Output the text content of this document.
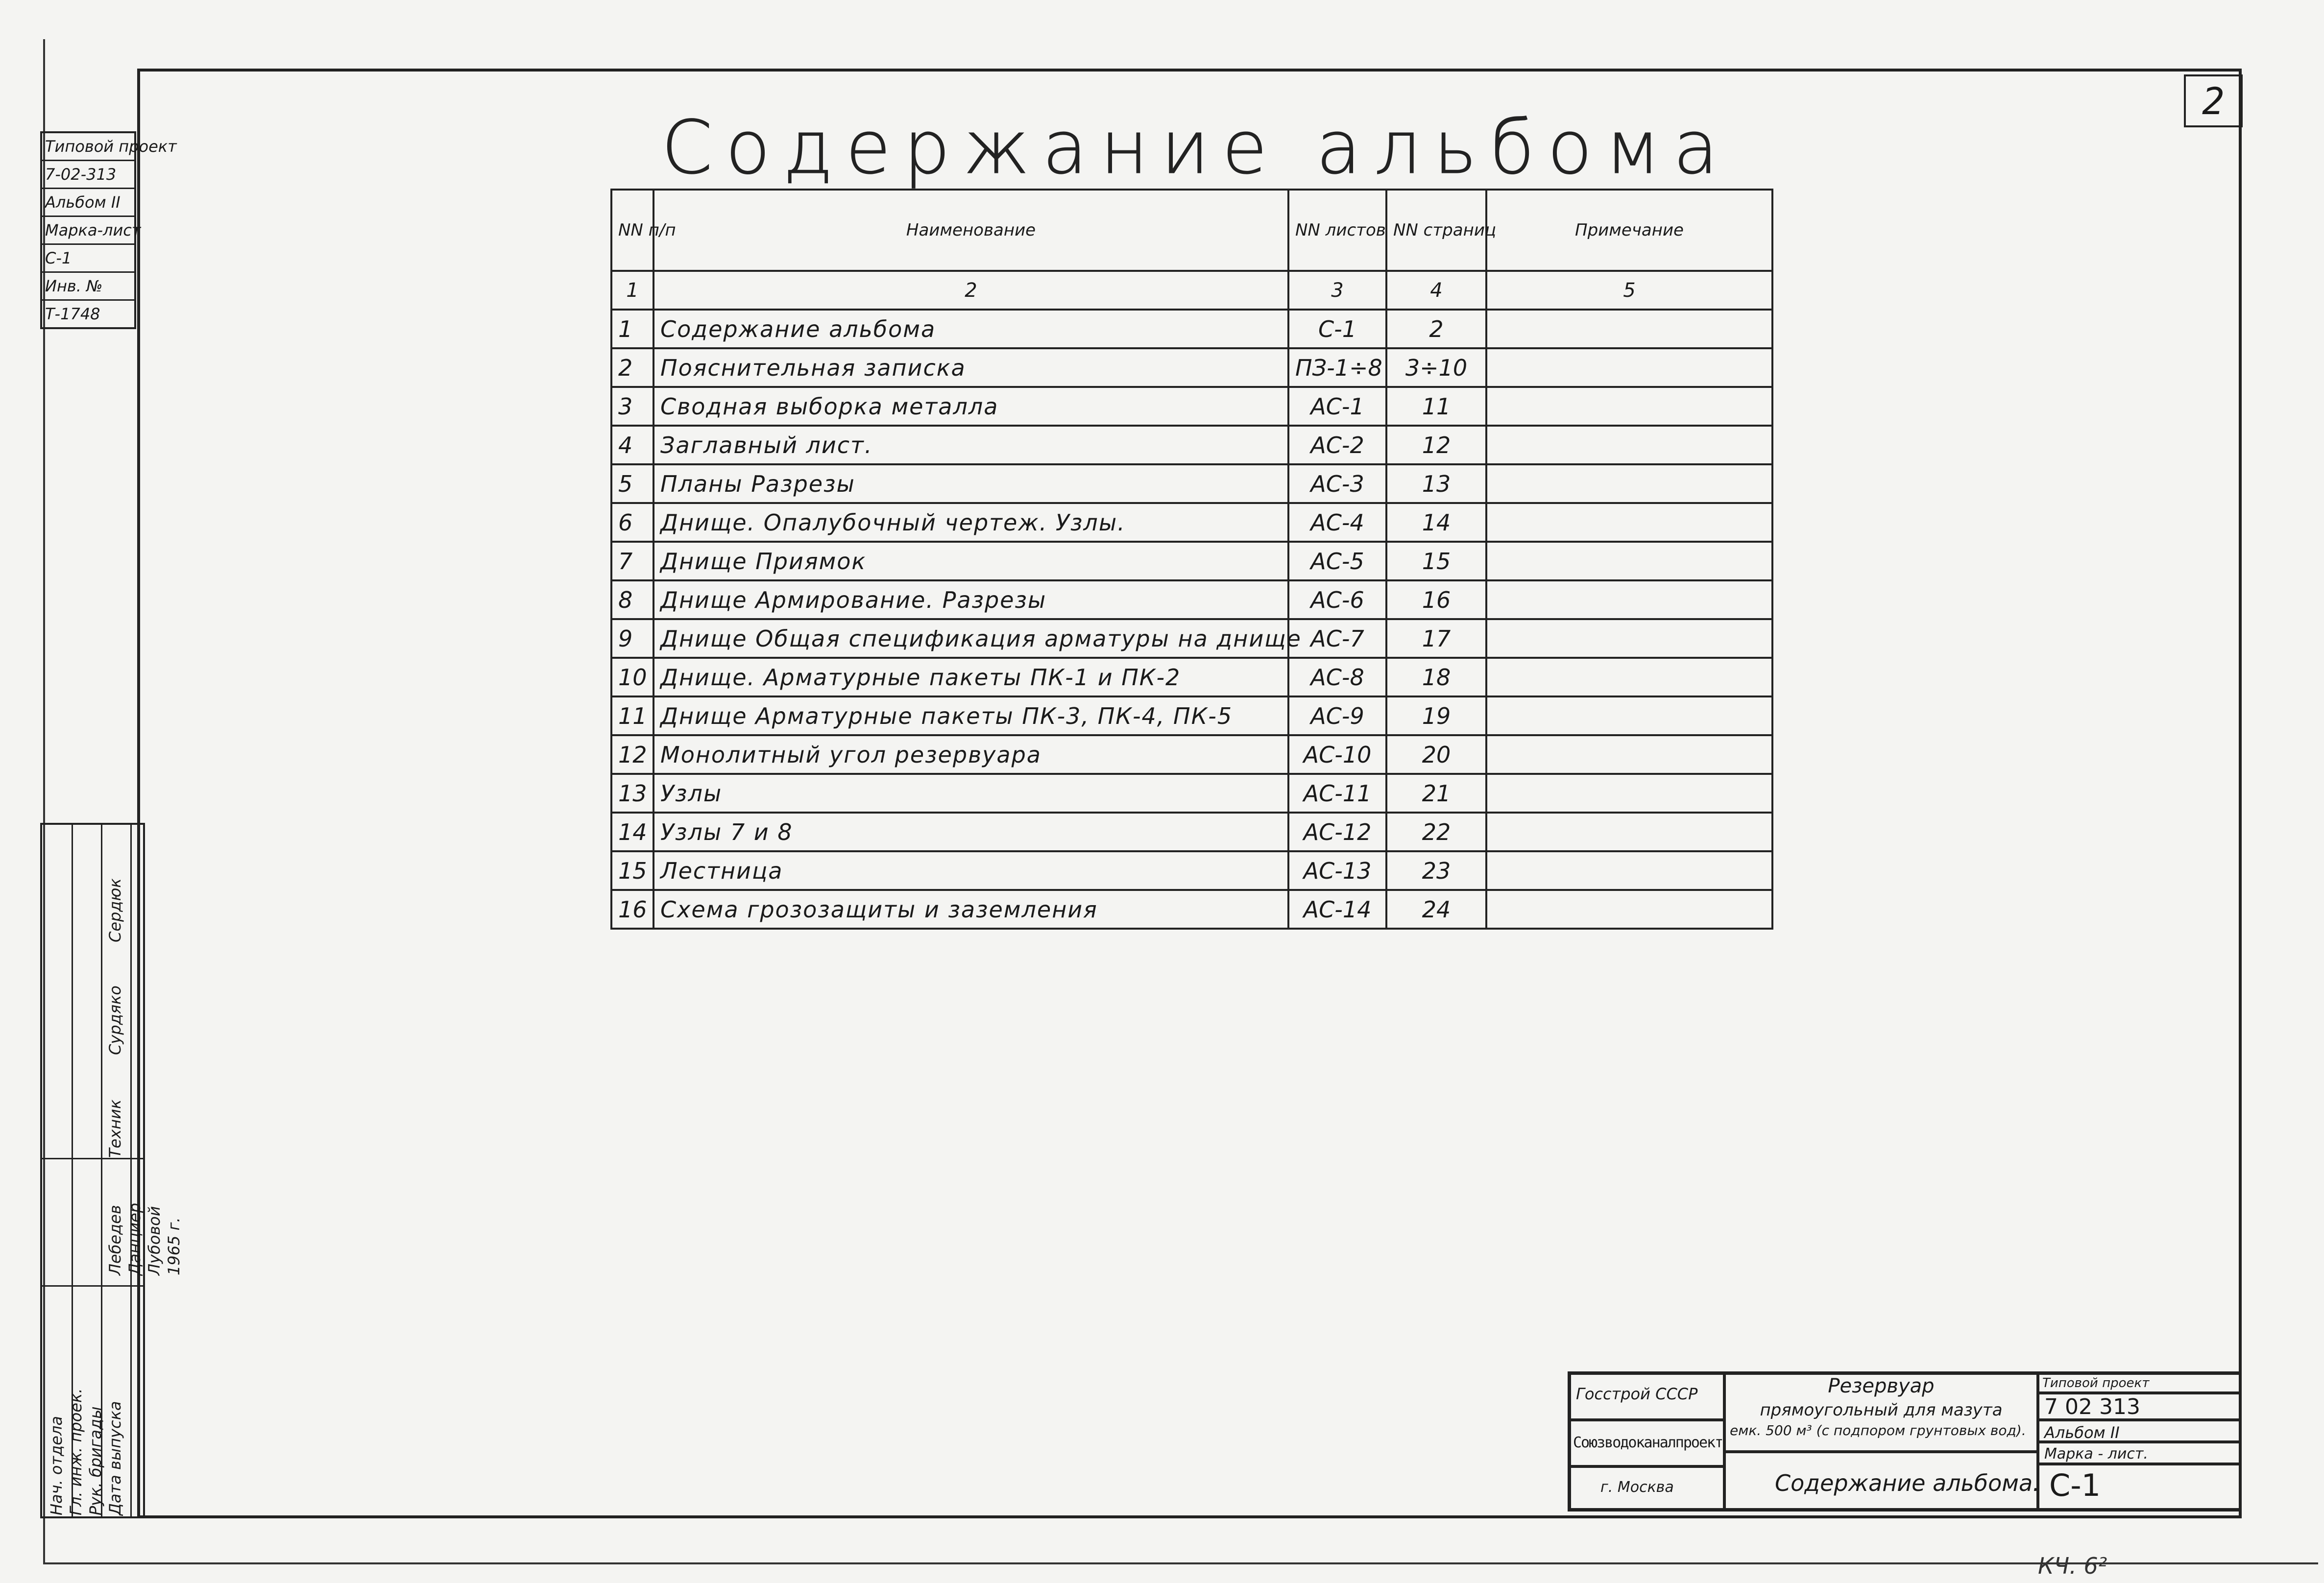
2
Содержание альбома
Типовой проект
7-02-313
Альбом II
Марка-лист
С-1
Инв. №
Т-1748
NN п/п	Наименование	NN листов	NN страниц	Примечание
1	2	3	4	5
1	Содержание альбома	С-1	2	
2	Пояснительная записка	ПЗ-1÷8	3÷10	
3	Сводная выборка металла	АС-1	11	
4	Заглавный лист.	АС-2	12	
5	Планы Разрезы	АС-3	13	
6	Днище. Опалубочный чертеж. Узлы.	АС-4	14	
7	Днище Приямок	АС-5	15	
8	Днище Армирование. Разрезы	АС-6	16	
9	Днище Общая спецификация арматуры на днище	АС-7	17	
10	Днище. Арматурные пакеты ПК-1 и ПК-2	АС-8	18	
11	Днище Арматурные пакеты ПК-3, ПК-4, ПК-5	АС-9	19	
12	Монолитный угол резервуара	АС-10	20	
13	Узлы	АС-11	21	
14	Узлы 7 и 8	АС-12	22	
15	Лестница	АС-13	23	
16	Схема грозозащиты и заземления	АС-14	24	
Сердюк
Сурдяко
Техник
Нач. отдела Гл. инж. проек. Рук. бригады Дата выпуска
Лебедев Данциер Лубовой 1965 г.
Госстрой СССР
Союзводоканалпроект
г. Москва
Резервуар
прямоугольный для мазута
емк. 500 м³ (с подпором грунтовых вод).
Содержание альбома.
Типовой проект
7 02 313
Альбом II
Марка - лист.
С-1
КЧ. 6²
